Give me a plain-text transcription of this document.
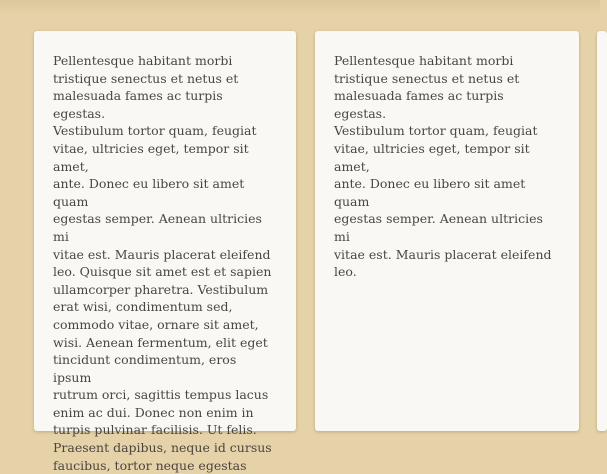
Pellentesque habitant morbi
tristique senectus et netus et
malesuada fames ac turpis egestas.
Vestibulum tortor quam, feugiat
vitae, ultricies eget, tempor sit amet,
ante. Donec eu libero sit amet quam
egestas semper. Aenean ultricies mi
vitae est. Mauris placerat eleifend
leo. Quisque sit amet est et sapien
ullamcorper pharetra. Vestibulum
erat wisi, condimentum sed,
commodo vitae, ornare sit amet,
wisi. Aenean fermentum, elit eget
tincidunt condimentum, eros ipsum
rutrum orci, sagittis tempus lacus
enim ac dui. Donec non enim in
turpis pulvinar facilisis. Ut felis.
Praesent dapibus, neque id cursus
faucibus, tortor neque egestas

Pellentesque habitant morbi
tristique senectus et netus et
malesuada fames ac turpis egestas.
Vestibulum tortor quam, feugiat
vitae, ultricies eget, tempor sit amet,
ante. Donec eu libero sit amet quam
egestas semper. Aenean ultricies mi
vitae est. Mauris placerat eleifend
leo.
